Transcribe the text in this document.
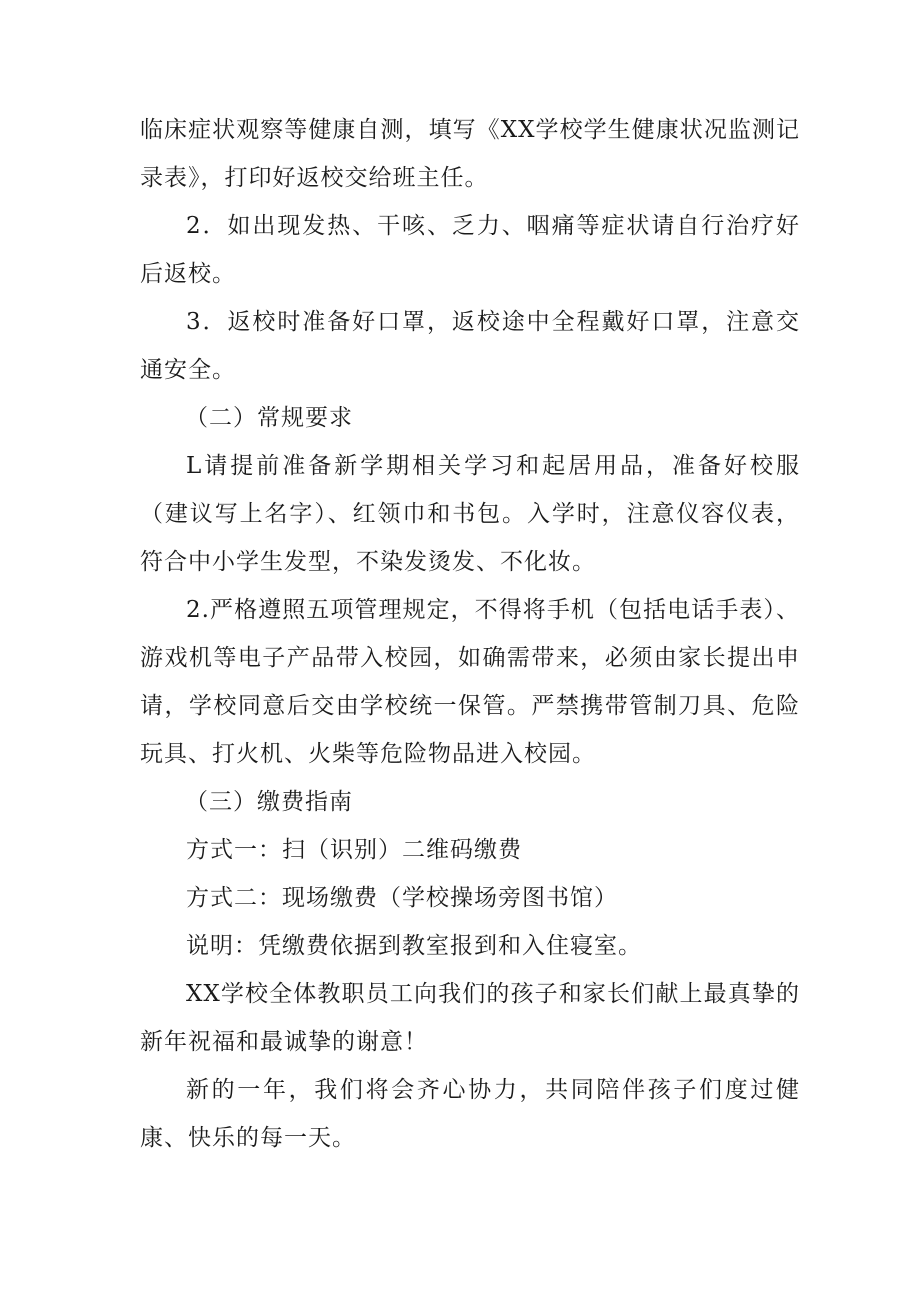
临床症状观察等健康自测，填写《XX学校学生健康状况监测记录表》，打印好返校交给班主任。

2．如出现发热、干咳、乏力、咽痛等症状请自行治疗好后返校。

3．返校时准备好口罩，返校途中全程戴好口罩，注意交通安全。

（二）常规要求

L请提前准备新学期相关学习和起居用品，准备好校服（建议写上名字）、红领巾和书包。入学时，注意仪容仪表，符合中小学生发型，不染发烫发、不化妆。

2.严格遵照五项管理规定，不得将手机（包括电话手表）、游戏机等电子产品带入校园，如确需带来，必须由家长提出申请，学校同意后交由学校统一保管。严禁携带管制刀具、危险玩具、打火机、火柴等危险物品进入校园。

（三）缴费指南

方式一：扫（识别）二维码缴费

方式二：现场缴费（学校操场旁图书馆）

说明：凭缴费依据到教室报到和入住寝室。

XX学校全体教职员工向我们的孩子和家长们献上最真挚的新年祝福和最诚挚的谢意！

新的一年，我们将会齐心协力，共同陪伴孩子们度过健康、快乐的每一天。
